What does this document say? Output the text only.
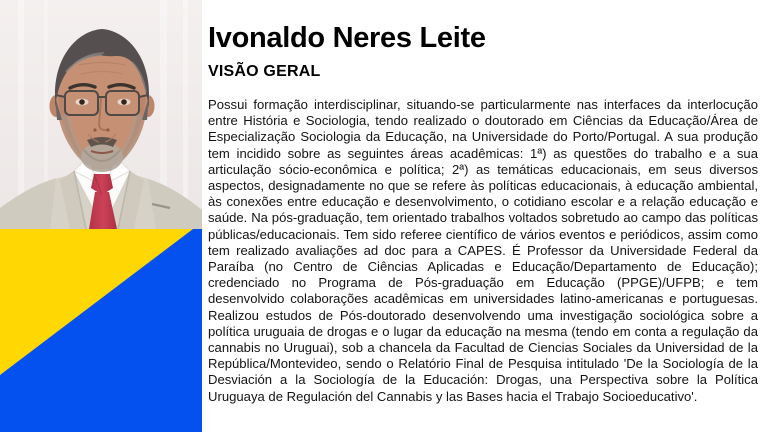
Ivonaldo Neres Leite
VISÃO GERAL

Possui formação interdisciplinar, situando-se particularmente nas interfaces da interlocução entre História e Sociologia, tendo realizado o doutorado em Ciências da Educação/Área de Especialização Sociologia da Educação, na Universidade do Porto/Portugal. A sua produção tem incidido sobre as seguintes áreas acadêmicas: 1ª) as questões do trabalho e a sua articulação sócio-econômica e política; 2ª) as temáticas educacionais, em seus diversos aspectos, designadamente no que se refere às políticas educacionais, à educação ambiental, às conexões entre educação e desenvolvimento, o cotidiano escolar e a relação educação e saúde. Na pós-graduação, tem orientado trabalhos voltados sobretudo ao campo das políticas públicas/educacionais. Tem sido referee científico de vários eventos e periódicos, assim como tem realizado avaliações ad doc para a CAPES. É Professor da Universidade Federal da Paraíba (no Centro de Ciências Aplicadas e Educação/Departamento de Educação); credenciado no Programa de Pós-graduação em Educação (PPGE)/UFPB; e tem desenvolvido colaborações acadêmicas em universidades latino-americanas e portuguesas. Realizou estudos de Pós-doutorado desenvolvendo uma investigação sociológica sobre a política uruguaia de drogas e o lugar da educação na mesma (tendo em conta a regulação da cannabis no Uruguai), sob a chancela da Facultad de Ciencias Sociales da Universidad de la República/Montevideo, sendo o Relatório Final de Pesquisa intitulado 'De la Sociología de la Desviación a la Sociología de la Educación: Drogas, una Perspectiva sobre la Política Uruguaya de Regulación del Cannabis y las Bases hacia el Trabajo Socioeducativo'.
